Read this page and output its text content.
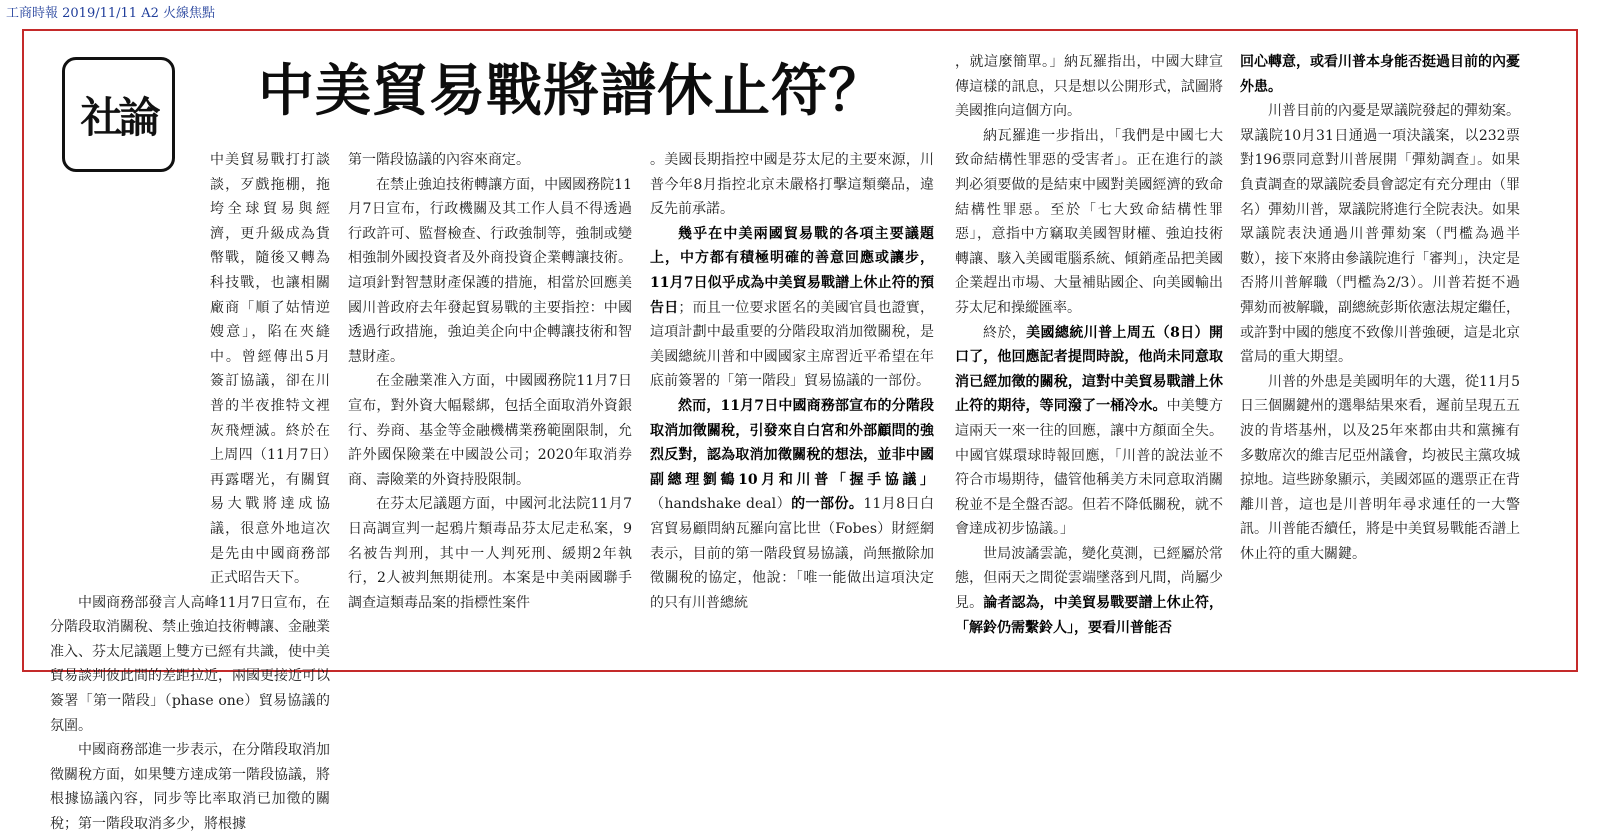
工商時報 2019/11/11 A2 火線焦點
社論	中美貿易戰將譜休止符？

中美貿易戰打打談談，歹戲拖棚，拖垮全球貿易與經濟，更升級成為貨幣戰，隨後又轉為科技戰，也讓相關廠商「順了姑情逆嫂意」，陷在夾縫中。曾經傳出5月簽訂協議，卻在川普的半夜推特文裡灰飛煙滅。終於在上周四（11月7日）再露曙光，有關貿易大戰將達成協議，很意外地這次是先由中國商務部正式昭告天下。

中國商務部發言人高峰11月7日宣布，在分階段取消關稅、禁止強迫技術轉讓、金融業准入、芬太尼議題上雙方已經有共識，使中美貿易談判彼此間的差距拉近，兩國更接近可以簽署「第一階段」（phase one）貿易協議的氛圍。

中國商務部進一步表示，在分階段取消加徵關稅方面，如果雙方達成第一階段協議，將根據協議內容，同步等比率取消已加徵的關稅；第一階段取消多少，將根據

第一階段協議的內容來商定。

在禁止強迫技術轉讓方面，中國國務院11月7日宣布，行政機關及其工作人員不得透過行政許可、監督檢查、行政強制等，強制或變相強制外國投資者及外商投資企業轉讓技術。這項針對智慧財產保護的措施，相當於回應美國川普政府去年發起貿易戰的主要指控：中國透過行政措施，強迫美企向中企轉讓技術和智慧財產。

在金融業准入方面，中國國務院11月7日宣布，對外資大幅鬆綁，包括全面取消外資銀行、券商、基金等金融機構業務範圍限制，允許外國保險業在中國設公司；2020年取消券商、壽險業的外資持股限制。

在芬太尼議題方面，中國河北法院11月7日高調宣判一起鴉片類毒品芬太尼走私案，9名被告判刑，其中一人判死刑、緩期2年執行，2人被判無期徒刑。本案是中美兩國聯手調查這類毒品案的指標性案件

。美國長期指控中國是芬太尼的主要來源，川普今年8月指控北京未嚴格打擊這類藥品，違反先前承諾。

幾乎在中美兩國貿易戰的各項主要議題上，中方都有積極明確的善意回應或讓步，11月7日似乎成為中美貿易戰譜上休止符的預告日；而且一位要求匿名的美國官員也證實，這項計劃中最重要的分階段取消加徵關稅，是美國總統川普和中國國家主席習近平希望在年底前簽署的「第一階段」貿易協議的一部份。

然而，11月7日中國商務部宣布的分階段取消加徵關稅，引發來自白宮和外部顧問的強烈反對，認為取消加徵關稅的想法，並非中國副總理劉鶴10月和川普「握手協議」（handshake deal）的一部份。11月8日白宮貿易顧問納瓦羅向富比世（Fobes）財經網表示，目前的第一階段貿易協議，尚無撤除加徵關稅的協定，他說：「唯一能做出這項決定的只有川普總統

，就這麼簡單。」納瓦羅指出，中國大肆宣傳這樣的訊息，只是想以公開形式，試圖將美國推向這個方向。

納瓦羅進一步指出，「我們是中國七大致命結構性罪惡的受害者」。正在進行的談判必須要做的是結束中國對美國經濟的致命結構性罪惡。至於「七大致命結構性罪惡」，意指中方竊取美國智財權、強迫技術轉讓、駭入美國電腦系統、傾銷產品把美國企業趕出市場、大量補貼國企、向美國輸出芬太尼和操縱匯率。

終於，美國總統川普上周五（8日）開口了，他回應記者提問時說，他尚未同意取消已經加徵的關稅，這對中美貿易戰譜上休止符的期待，等同潑了一桶冷水。中美雙方這兩天一來一往的回應，讓中方顏面全失。中國官媒環球時報回應，「川普的說法並不符合市場期待，儘管他稱美方未同意取消關稅並不是全盤否認。但若不降低關稅，就不會達成初步協議。」

世局波譎雲詭，變化莫測，已經屬於常態，但兩天之間從雲端墜落到凡間，尚屬少見。論者認為，中美貿易戰要譜上休止符，「解鈴仍需繫鈴人」，要看川普能否

回心轉意，或看川普本身能否挺過目前的內憂外患。

川普目前的內憂是眾議院發起的彈劾案。眾議院10月31日通過一項決議案，以232票對196票同意對川普展開「彈劾調查」。如果負責調查的眾議院委員會認定有充分理由（罪名）彈劾川普，眾議院將進行全院表決。如果眾議院表決通過川普彈劾案（門檻為過半數），接下來將由參議院進行「審判」，決定是否將川普解職（門檻為2/3）。川普若挺不過彈劾而被解職，副總統彭斯依憲法規定繼任，或許對中國的態度不致像川普強硬，這是北京當局的重大期望。

川普的外患是美國明年的大選，從11月5日三個關鍵州的選舉結果來看，遲前呈現五五波的肯塔基州，以及25年來都由共和黨擁有多數席次的維吉尼亞州議會，均被民主黨攻城掠地。這些跡象顯示，美國郊區的選票正在背離川普，這也是川普明年尋求連任的一大警訊。川普能否續任，將是中美貿易戰能否譜上休止符的重大關鍵。
